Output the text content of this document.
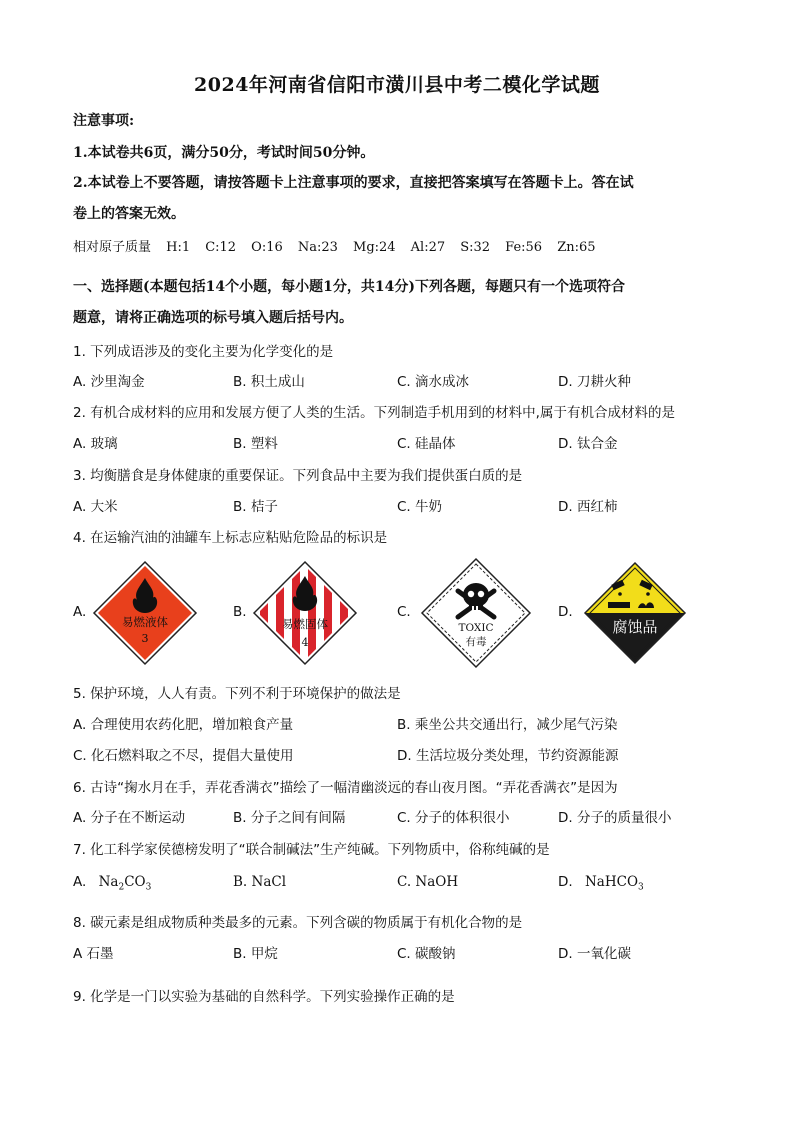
2024年河南省信阳市潢川县中考二模化学试题
注意事项:
1.本试卷共6页，满分50分，考试时间50分钟。
2.本试卷上不要答题，请按答题卡上注意事项的要求，直接把答案填写在答题卡上。答在试
卷上的答案无效。
相对原子质量 H:1 C:12 O:16 Na:23 Mg:24 Al:27 S:32 Fe:56 Zn:65
一、选择题(本题包括14个小题，每小题1分，共14分)下列各题，每题只有一个选项符合
题意，请将正确选项的标号填入题后括号内。
1. 下列成语涉及的变化主要为化学变化的是
A. 沙里淘金	B. 积土成山	C. 滴水成冰	D. 刀耕火种
2. 有机合成材料的应用和发展方便了人类的生活。下列制造手机用到的材料中,属于有机合成材料的是
A. 玻璃	B. 塑料	C. 硅晶体	D. 钛合金
3. 均衡膳食是身体健康的重要保证。下列食品中主要为我们提供蛋白质的是
A. 大米	B. 桔子	C. 牛奶	D. 西红柿
4. 在运输汽油的油罐车上标志应粘贴危险品的标识是
A.
易燃液体
3
B.
易燃固体
4
C.
TOXIC
有毒
D.
腐蚀品
5. 保护环境，人人有责。下列不利于环境保护的做法是
A. 合理使用农药化肥，增加粮食产量	B. 乘坐公共交通出行，减少尾气污染
C. 化石燃料取之不尽，提倡大量使用	D. 生活垃圾分类处理，节约资源能源
6. 古诗“掬水月在手，弄花香满衣”描绘了一幅清幽淡远的春山夜月图。“弄花香满衣”是因为
A. 分子在不断运动	B. 分子之间有间隔	C. 分子的体积很小	D. 分子的质量很小
7. 化工科学家侯德榜发明了“联合制碱法”生产纯碱。下列物质中，俗称纯碱的是
A. $Na_2CO_3$	B. NaCl	C. NaOH	D. NaHCO$_3$
8. 碳元素是组成物质种类最多的元素。下列含碳的物质属于有机化合物的是
A 石墨	B. 甲烷	C. 碳酸钠	D. 一氧化碳
9. 化学是一门以实验为基础的自然科学。下列实验操作正确的是
